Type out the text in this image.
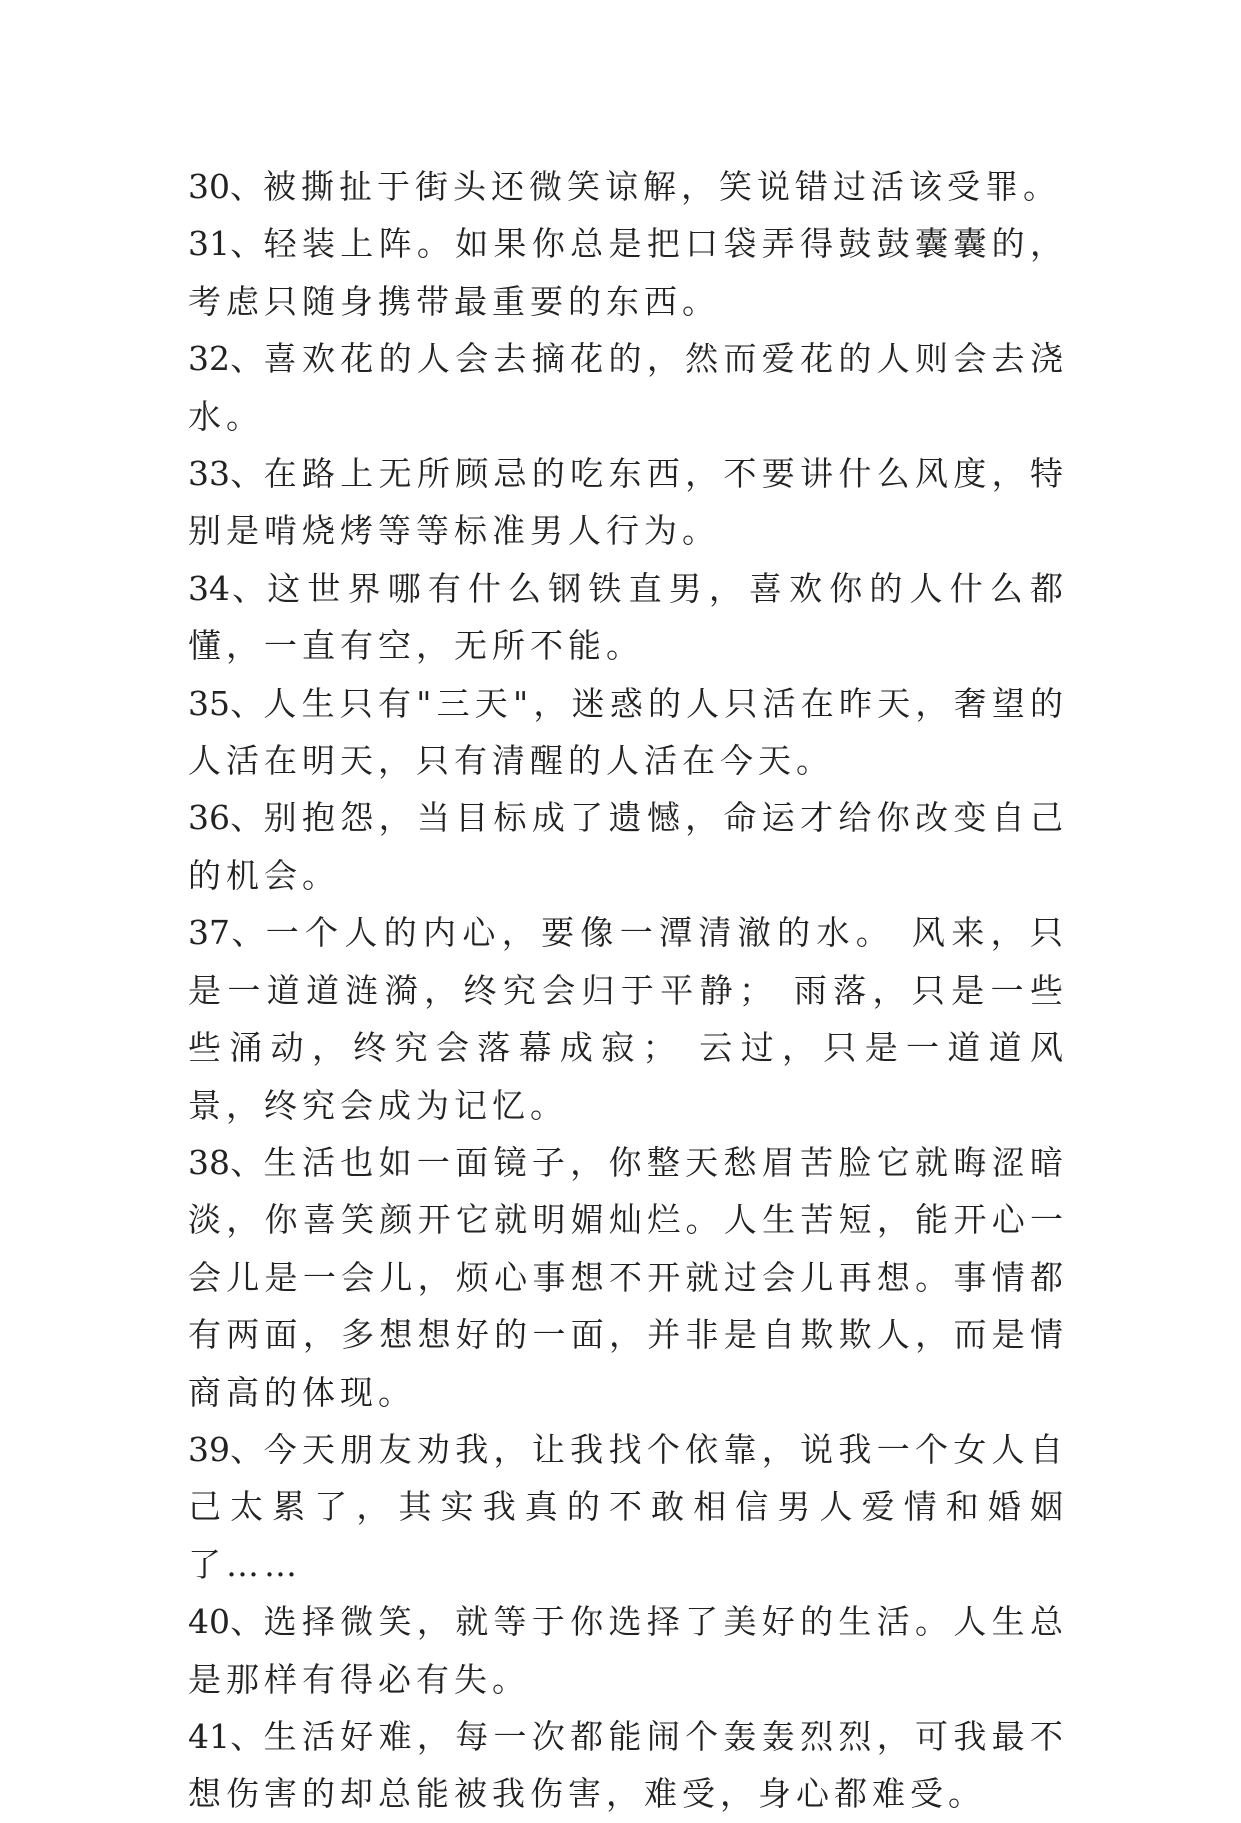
30、被撕扯于街头还微笑谅解，笑说错过活该受罪。

31、轻装上阵。如果你总是把口袋弄得鼓鼓囊囊的，考虑只随身携带最重要的东西。

32、喜欢花的人会去摘花的，然而爱花的人则会去浇水。

33、在路上无所顾忌的吃东西，不要讲什么风度，特别是啃烧烤等等标准男人行为。

34、这世界哪有什么钢铁直男，喜欢你的人什么都懂，一直有空，无所不能。

35、人生只有"三天"，迷惑的人只活在昨天，奢望的人活在明天，只有清醒的人活在今天。

36、别抱怨，当目标成了遗憾，命运才给你改变自己的机会。

37、一个人的内心，要像一潭清澈的水。 风来，只是一道道涟漪，终究会归于平静； 雨落，只是一些些涌动，终究会落幕成寂； 云过，只是一道道风景，终究会成为记忆。

38、生活也如一面镜子，你整天愁眉苦脸它就晦涩暗淡，你喜笑颜开它就明媚灿烂。人生苦短，能开心一会儿是一会儿，烦心事想不开就过会儿再想。事情都有两面，多想想好的一面，并非是自欺欺人，而是情商高的体现。

39、今天朋友劝我，让我找个依靠，说我一个女人自己太累了，其实我真的不敢相信男人爱情和婚姻了……

40、选择微笑，就等于你选择了美好的生活。人生总是那样有得必有失。

41、生活好难，每一次都能闹个轰轰烈烈，可我最不想伤害的却总能被我伤害，难受，身心都难受。
